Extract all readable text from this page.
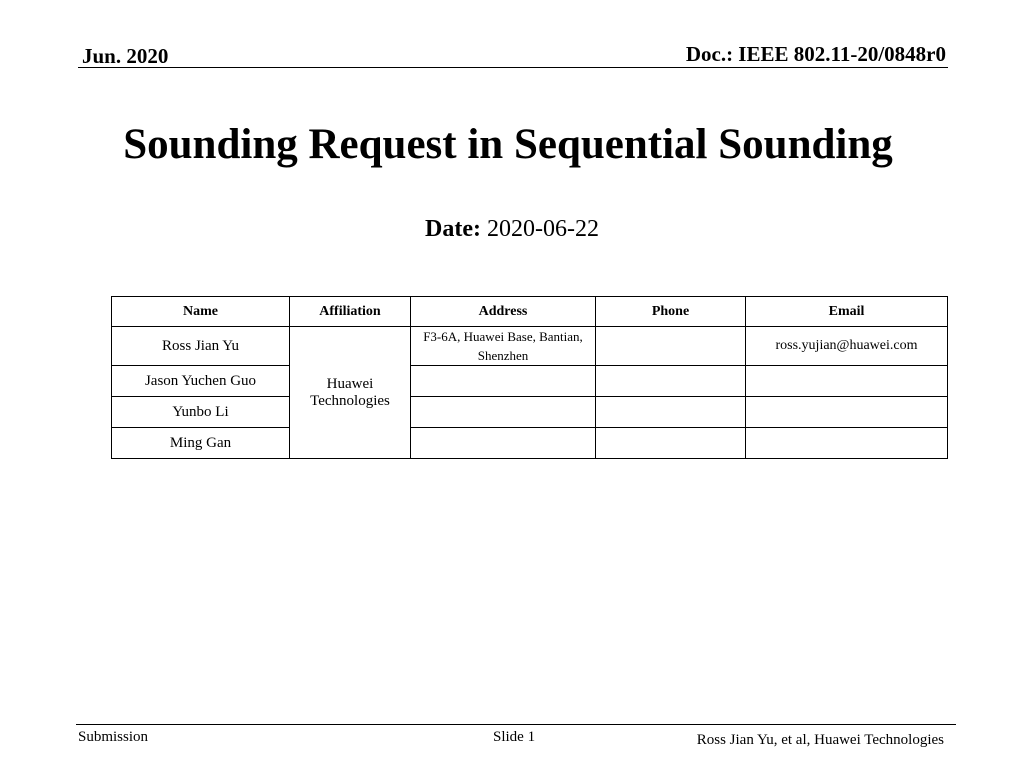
Jun. 2020	Doc.: IEEE 802.11-20/0848r0
Sounding Request in Sequential Sounding
Date: 2020-06-22
Name	Affiliation	Address	Phone	Email
Ross Jian Yu	Huawei Technologies	F3-6A, Huawei Base, Bantian, Shenzhen		ross.yujian@huawei.com
Jason Yuchen Guo				
Yunbo Li				
Ming Gan				
Submission	Slide 1	Ross Jian Yu, et al, Huawei Technologies
